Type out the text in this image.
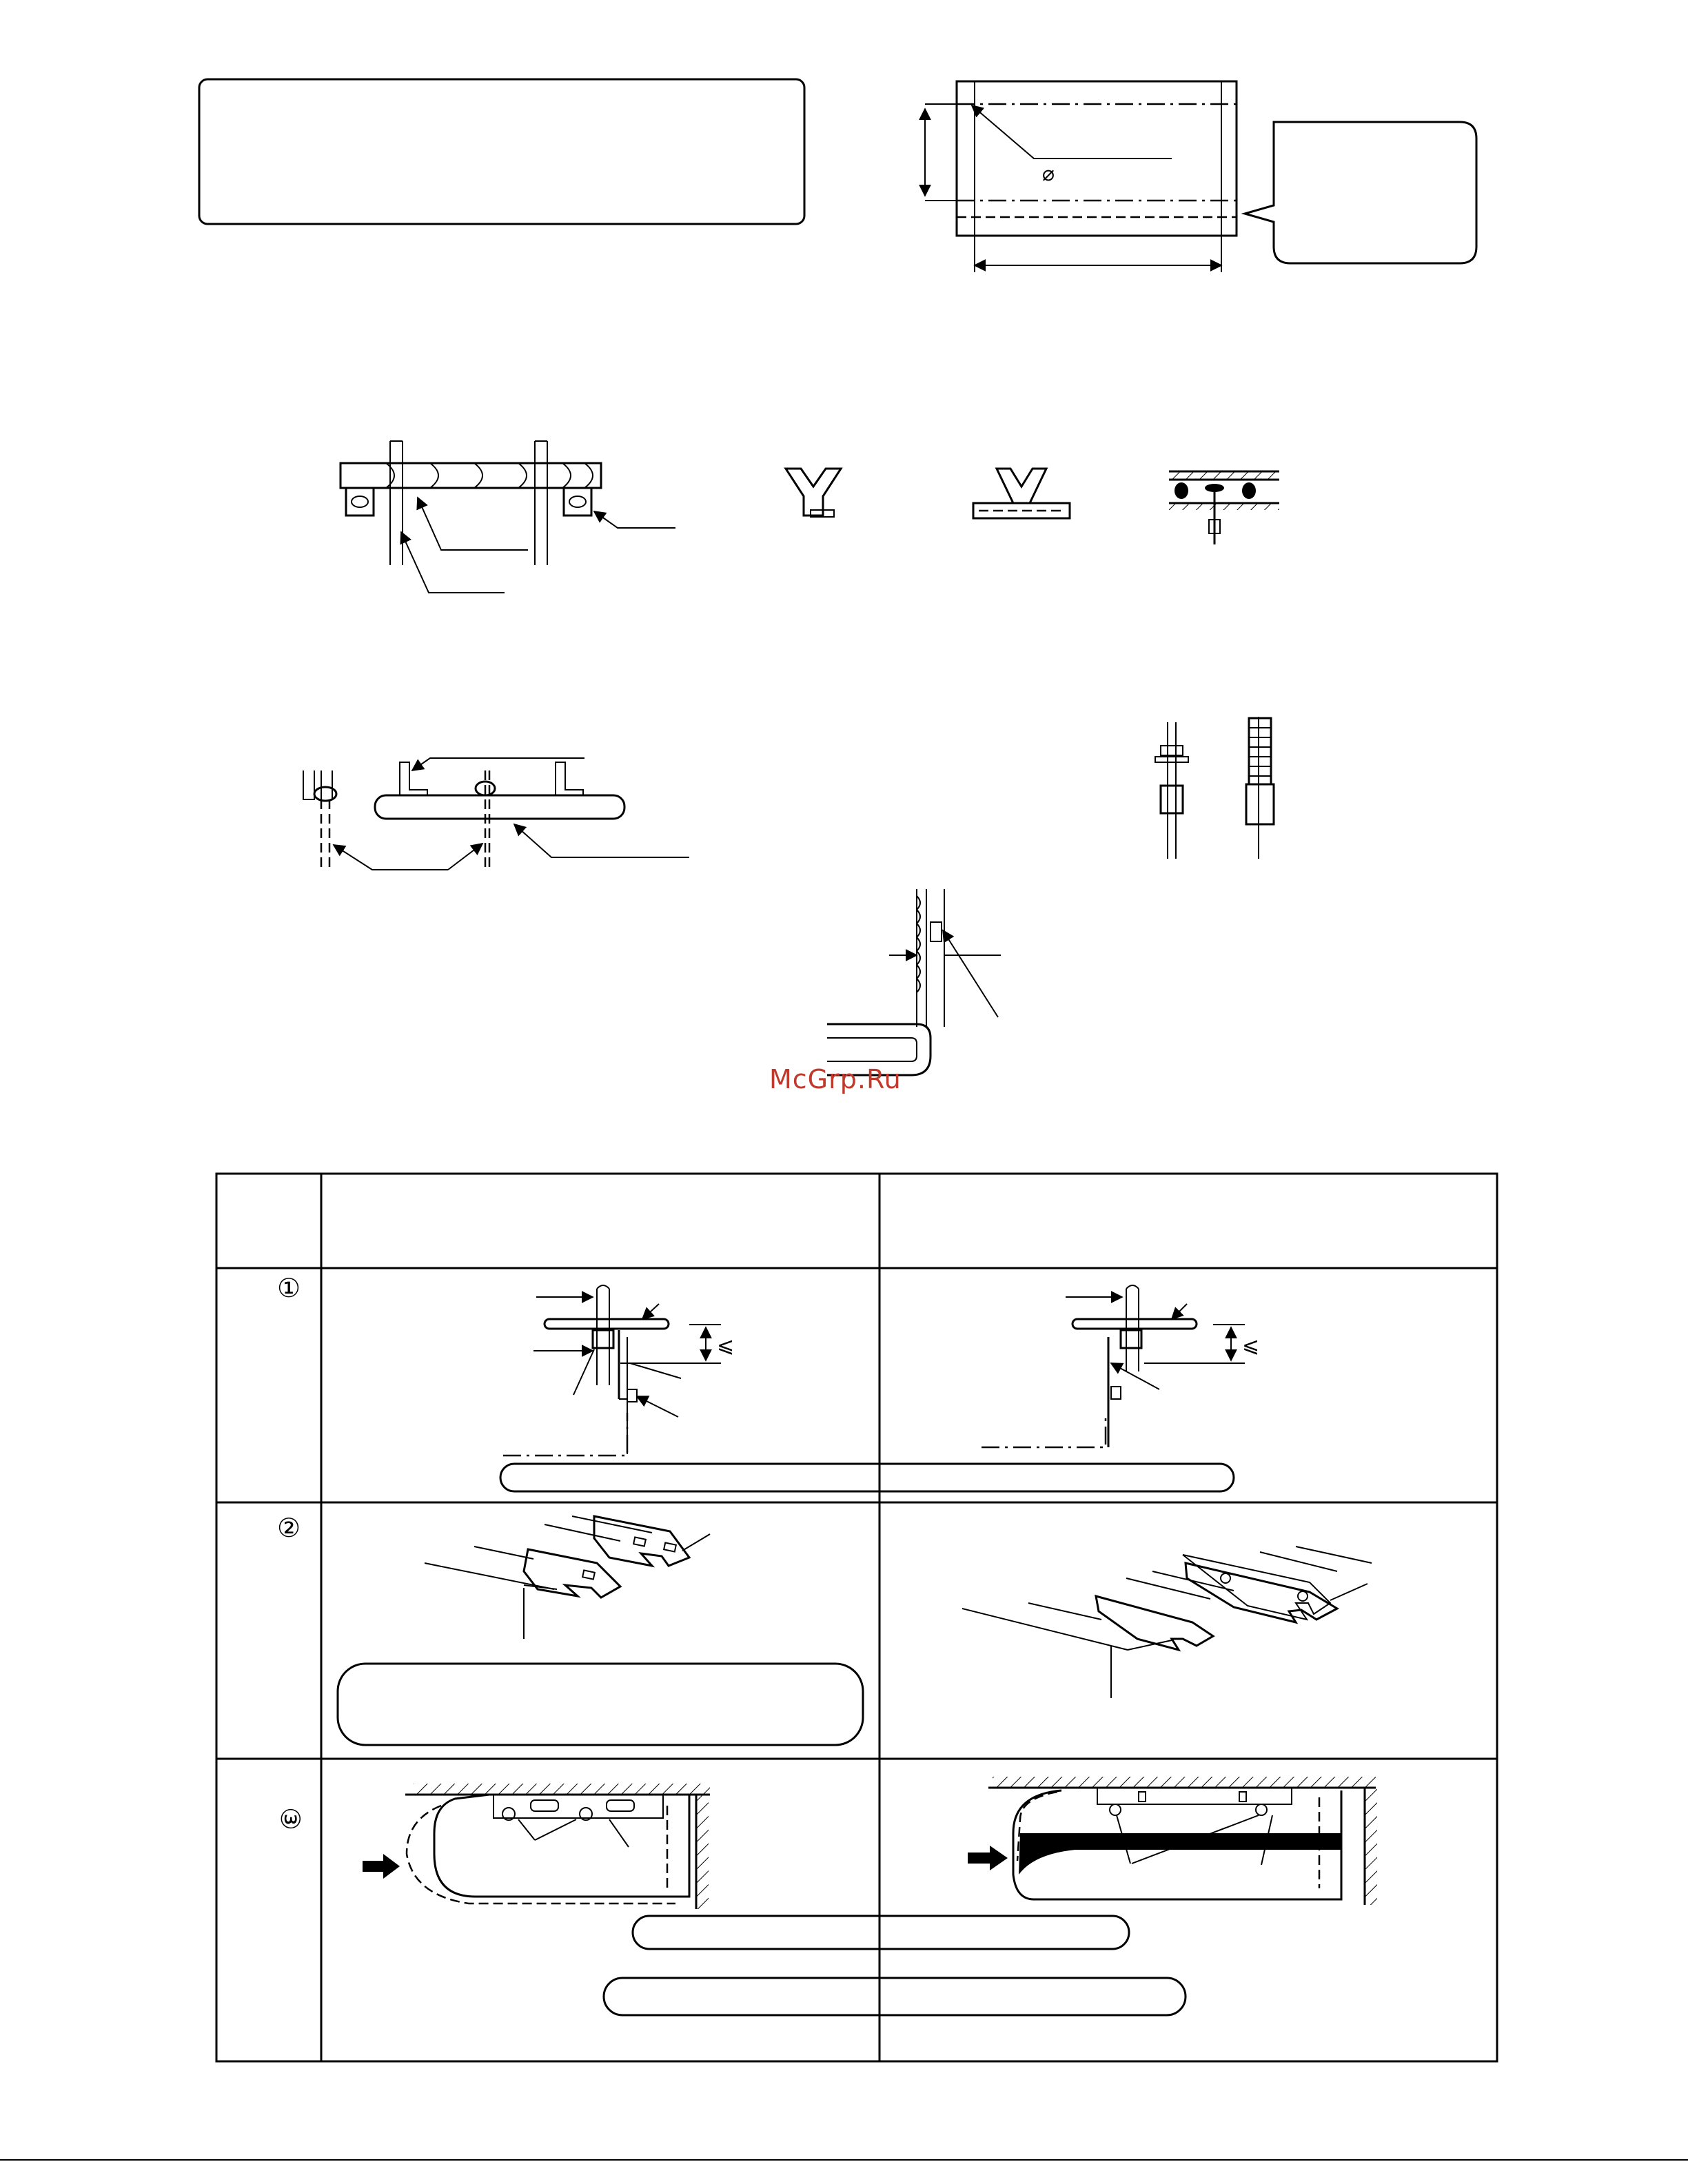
⌀
①
②
③
⩽	⩽
McGrp.Ru
